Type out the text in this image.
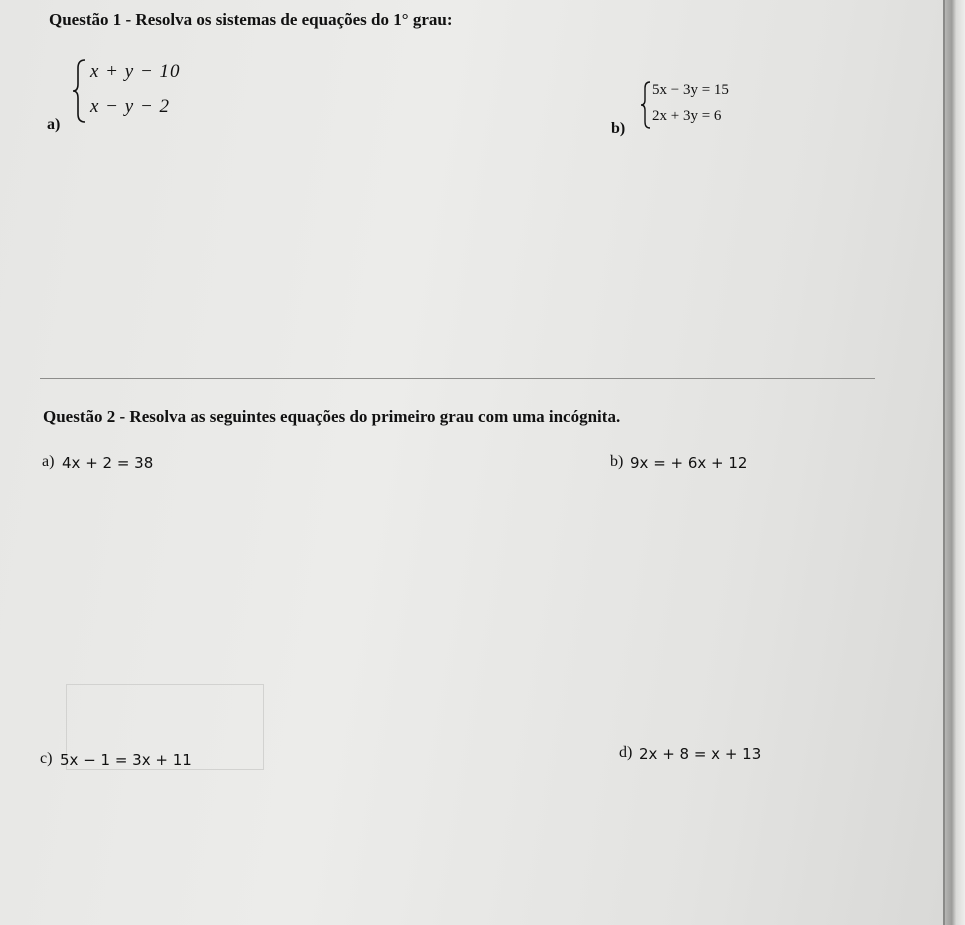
Questão 1 - Resolva os sistemas de equações do 1° grau:
a)
x + y − 10
x − y − 2
b)
5x − 3y = 15
2x + 3y = 6
Questão 2 - Resolva as seguintes equações do primeiro grau com uma incógnita.
a) 4x + 2 = 38	b) 9x = + 6x + 12
c) 5x − 1 = 3x + 11	d) 2x + 8 = x + 13
